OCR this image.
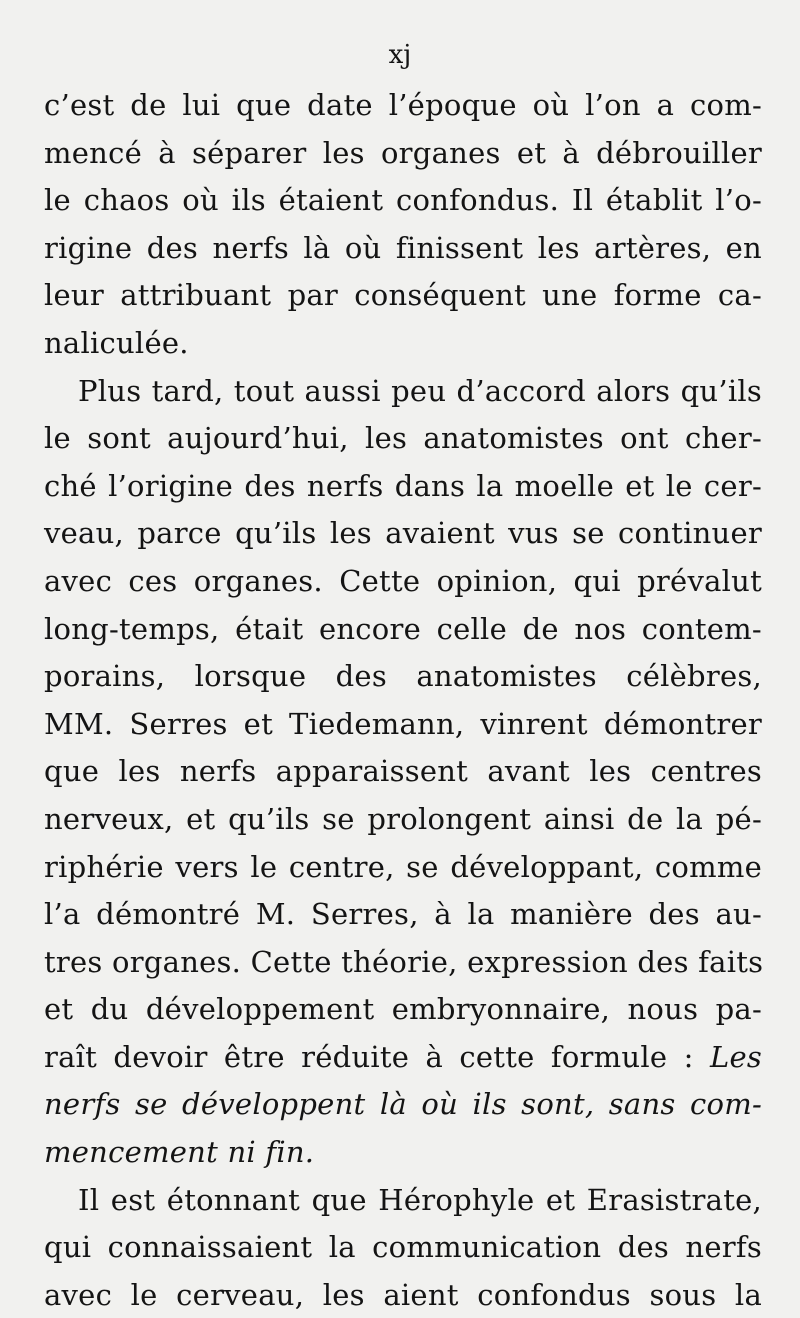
xj
c’est de lui que date l’époque où l’on a com-
mencé à séparer les organes et à débrouiller
le chaos où ils étaient confondus. Il établit l’o-
rigine des nerfs là où finissent les artères, en
leur attribuant par conséquent une forme ca-
naliculée.
Plus tard, tout aussi peu d’accord alors qu’ils
le sont aujourd’hui, les anatomistes ont cher-
ché l’origine des nerfs dans la moelle et le cer-
veau, parce qu’ils les avaient vus se continuer
avec ces organes. Cette opinion, qui prévalut
long-temps, était encore celle de nos contem-
porains, lorsque des anatomistes célèbres,
MM. Serres et Tiedemann, vinrent démontrer
que les nerfs apparaissent avant les centres
nerveux, et qu’ils se prolongent ainsi de la pé-
riphérie vers le centre, se développant, comme
l’a démontré M. Serres, à la manière des au-
tres organes. Cette théorie, expression des faits
et du développement embryonnaire, nous pa-
raît devoir être réduite à cette formule : Les
nerfs se développent là où ils sont, sans com-
mencement ni fin.
Il est étonnant que Hérophyle et Erasistrate,
qui connaissaient la communication des nerfs
avec le cerveau, les aient confondus sous la
